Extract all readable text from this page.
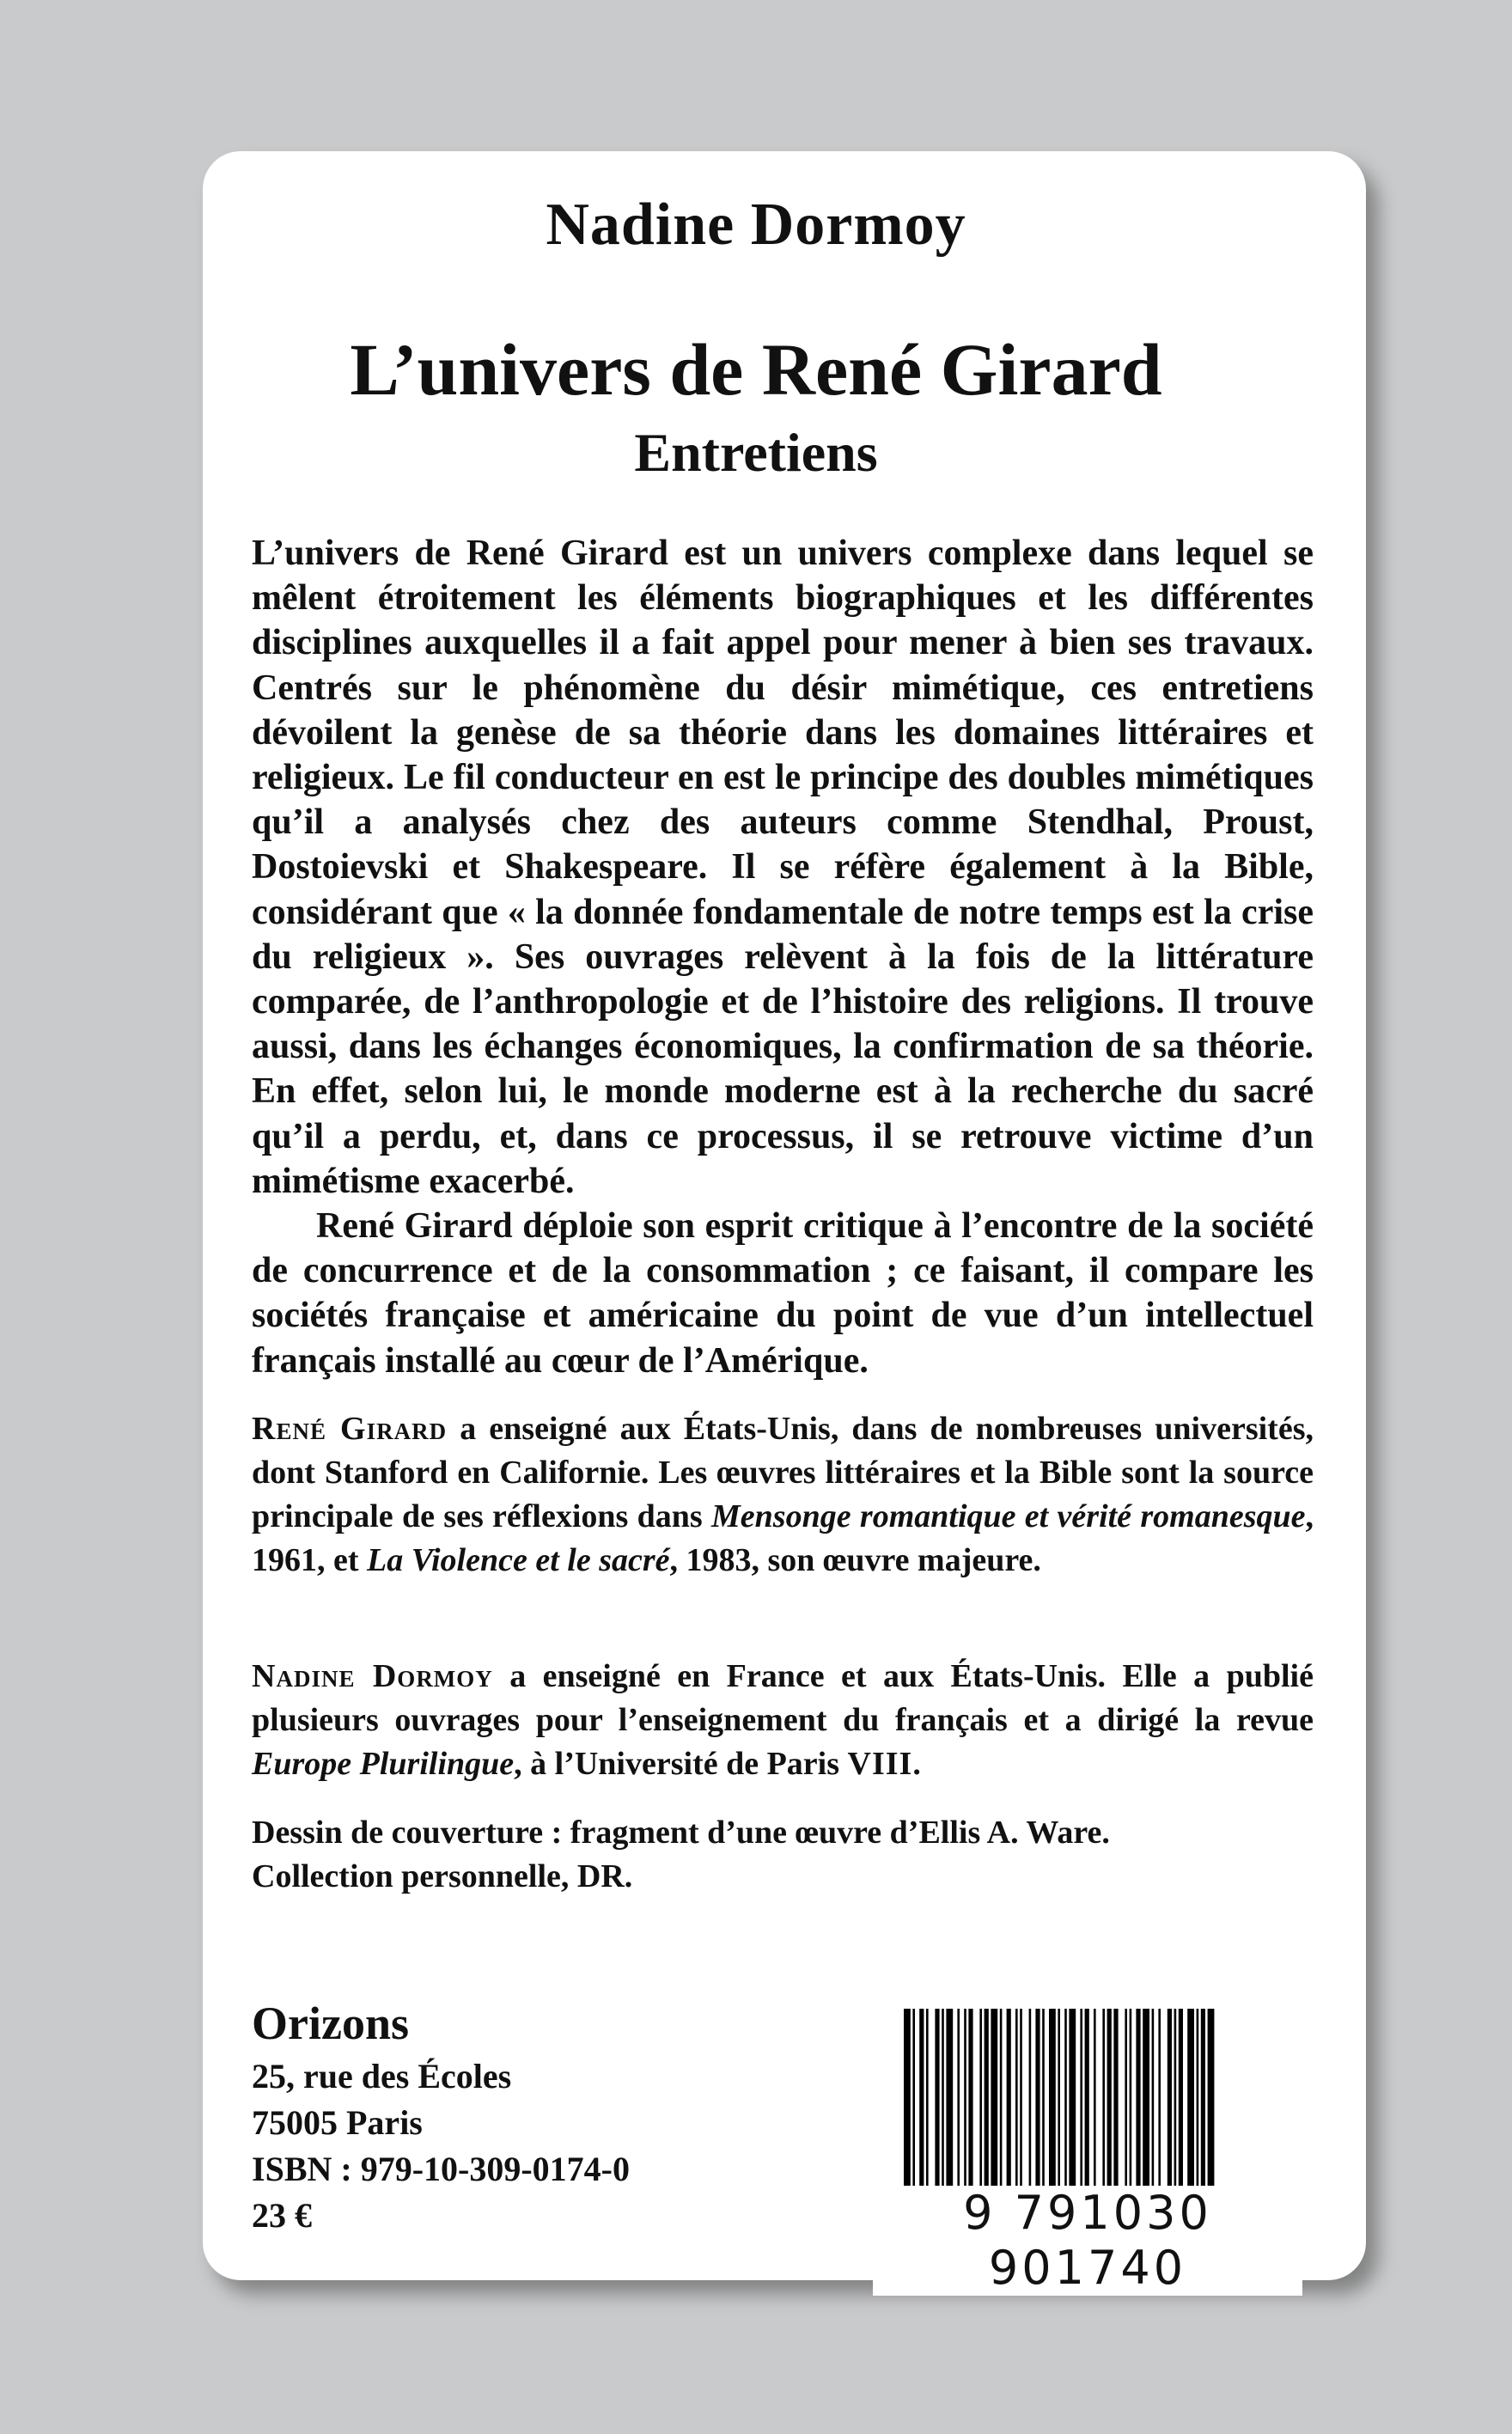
Nadine Dormoy
L’univers de René Girard
Entretiens

L’univers de René Girard est un univers complexe dans lequel se mêlent étroitement les éléments biographiques et les différentes disciplines auxquelles il a fait appel pour mener à bien ses travaux. Centrés sur le phénomène du désir mimétique, ces entretiens dévoilent la genèse de sa théorie dans les domaines littéraires et religieux. Le fil conducteur en est le principe des doubles mimétiques qu’il a analysés chez des auteurs comme Stendhal, Proust, Dostoievski et Shakespeare. Il se réfère également à la Bible, considérant que « la donnée fondamentale de notre temps est la crise du religieux ». Ses ouvrages relèvent à la fois de la littérature comparée, de l’anthropologie et de l’histoire des religions. Il trouve aussi, dans les échanges économiques, la confirmation de sa théorie. En effet, selon lui, le monde moderne est à la recherche du sacré qu’il a perdu, et, dans ce processus, il se retrouve victime d’un mimétisme exacerbé.

René Girard déploie son esprit critique à l’encontre de la société de concurrence et de la consommation ; ce faisant, il compare les sociétés française et américaine du point de vue d’un intellectuel français installé au cœur de l’Amérique.

René Girard a enseigné aux États-Unis, dans de nombreuses universités, dont Stanford en Californie. Les œuvres littéraires et la Bible sont la source principale de ses réflexions dans Mensonge romantique et vérité romanesque, 1961, et La Violence et le sacré, 1983, son œuvre majeure.

Nadine Dormoy a enseigné en France et aux États-Unis. Elle a publié plusieurs ouvrages pour l’enseignement du français et a dirigé la revue Europe Plurilingue, à l’Université de Paris VIII.

Dessin de couverture : fragment d’une œuvre d’Ellis A. Ware.
Collection personnelle, DR.
Orizons
25, rue des Écoles
75005 Paris
ISBN : 979-10-309-0174-0
23 €	9 791030 901740
